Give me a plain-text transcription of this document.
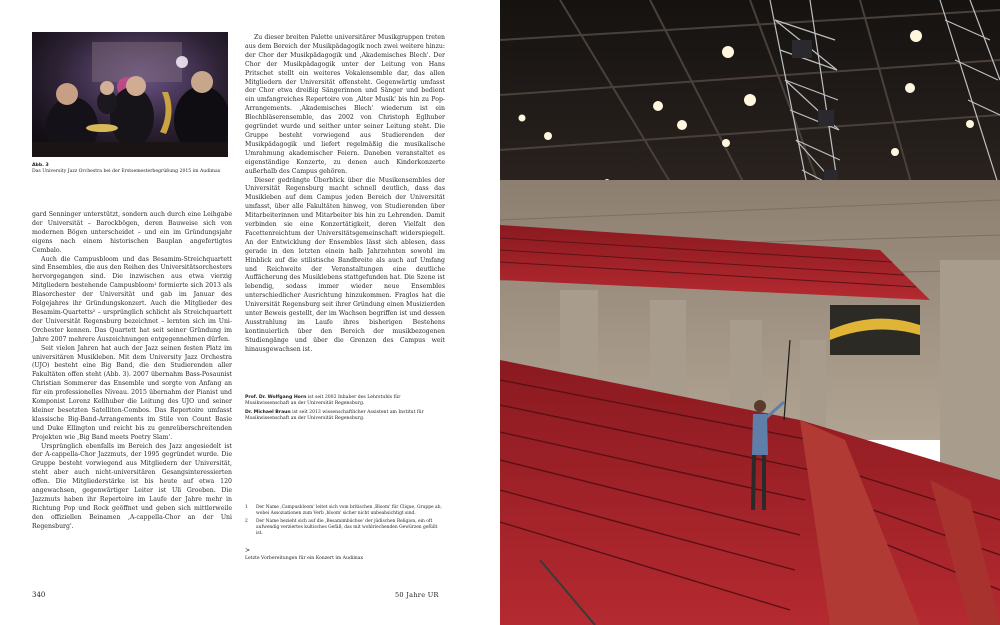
Abb. 3
Das University Jazz Orchestra bei der Erstsemesterbegrüßung 2015 im Audimax

gard Senninger unterstützt, sondern auch durch eine Leihgabe der Universität – Barockbögen, deren Bauweise sich von modernen Bögen unterscheidet – und ein im Gründungsjahr eigens nach einem historischen Bauplan angefertigtes Cembalo.

Auch die Campusbloom und das Besamim-Streichquartett sind Ensembles, die aus den Reihen des Universitätsorchesters hervorgegangen sind. Die inzwischen aus etwa vierzig Mitgliedern bestehende Campusbloom¹ formierte sich 2013 als Blasorchester der Universität und gab im Januar des Folgejahres ihr Gründungskonzert. Auch die Mitglieder des Besamim-Quartetts² – ursprünglich schlicht als Streichquartett der Universität Regensburg bezeichnet – lernten sich im Uni-Orchester kennen. Das Quartett hat seit seiner Gründung im Jahre 2007 mehrere Auszeichnungen entgegennehmen dürfen.

Seit vielen Jahren hat auch der Jazz seinen festen Platz im universitären Musikleben. Mit dem University Jazz Orchestra (UJO) besteht eine Big Band, die den Studierenden aller Fakultäten offen steht (Abb. 3). 2007 übernahm Bass-Posaunist Christian Sommerer das Ensemble und sorgte von Anfang an für ein professionelles Niveau. 2015 übernahm der Pianist und Komponist Lorenz Kellhuber die Leitung des UJO und seiner kleiner besetzten Satelliten-Combos. Das Repertoire umfasst klassische Big-Band-Arrangements im Stile von Count Basie und Duke Ellington und reicht bis zu genreüberschreitenden Projekten wie ‚Big Band meets Poetry Slam'.

Ursprünglich ebenfalls im Bereich des Jazz angesiedelt ist der A-cappella-Chor Jazzmuts, der 1995 gegründet wurde. Die Gruppe besteht vorwiegend aus Mitgliedern der Universität, steht aber auch nicht-universitären Gesangsinteressierten offen. Die Mitgliederstärke ist bis heute auf etwa 120 angewachsen, gegenwärtiger Leiter ist Uli Groeben. Die Jazzmuts haben ihr Repertoire im Laufe der Jahre mehr in Richtung Pop und Rock geöffnet und geben sich mittlerweile den offiziellen Beinamen ‚A-cappella-Chor an der Uni Regensburg'.

Zu dieser breiten Palette universitärer Musikgruppen treten aus dem Bereich der Musikpädagogik noch zwei weitere hinzu: der Chor der Musikpädagogik und ‚Akademisches Blech'. Der Chor der Musikpädagogik unter der Leitung von Hans Pritschet stellt ein weiteres Vokalensemble dar, das allen Mitgliedern der Universität offensteht. Gegenwärtig umfasst der Chor etwa dreißig Sängerinnen und Sänger und bedient ein umfangreiches Repertoire von ‚Alter Musik' bis hin zu Pop-Arrangements. ‚Akademisches Blech' wiederum ist ein Blechbläserensemble, das 2002 von Christoph Eglhuber gegründet wurde und seither unter seiner Leitung steht. Die Gruppe besteht vorwiegend aus Studierenden der Musikpädagogik und liefert regelmäßig die musikalische Umrahmung akademischer Feiern. Daneben veranstaltet es eigenständige Konzerte, zu denen auch Kinderkonzerte außerhalb des Campus gehören.

Dieser gedrängte Überblick über die Musikensembles der Universität Regensburg macht schnell deutlich, dass das Musikleben auf dem Campus jeden Bereich der Universität umfasst, über alle Fakultäten hinweg, von Studierenden über Mitarbeiterinnen und Mitarbeiter bis hin zu Lehrenden. Damit verbinden sie eine Konzertätigkeit, deren Vielfalt den Facettenreichtum der Universitätsgemeinschaft widerspiegelt. An der Entwicklung der Ensembles lässt sich ablesen, dass gerade in den letzten einein halb Jahrzehnten sowohl im Hinblick auf die stilistische Bandbreite als auch auf Umfang und Reichweite der Veranstaltungen eine deutliche Auffächerung des Musiklebens stattgefunden hat. Die Szene ist lebendig, sodass immer wieder neue Ensembles unterschiedlicher Ausrichtung hinzukommen. Fraglos hat die Universität Regensburg seit ihrer Gründung einen Musizierden unter Beweis gestellt, der im Wachsen begriffen ist und dessen Ausstrahlung im Laufe ihres bisherigen Bestehens kontinuierlich über den Bereich der musikbezogenen Studiengänge und über die Grenzen des Campus weit hinausgewachsen ist.

Prof. Dr. Wolfgang Horn ist seit 2002 Inhaber des Lehrstuhls für Musikwissenschaft an der Universität Regensburg.
Dr. Michael Braun ist seit 2013 wissenschaftlicher Assistent am Institut für Musikwissenschaft an der Universität Regensburg.
1	Der Name ‚Campusbloom' leitet sich vom britischen ‚Bloom' für Clique, Gruppe ab, wobei Assoziationen zum Verb ‚bloom' sicher nicht unbeabsichtigt sind.
2	Der Name bezieht sich auf die ‚Besamimbüchse' der jüdischen Religion, ein oft aufwendig verziertes kultisches Gefäß, das mit wohlriechenden Gewürzen gefüllt ist.
>
Letzte Vorbereitungen für ein Konzert im Audimax
340	50 Jahre UR
